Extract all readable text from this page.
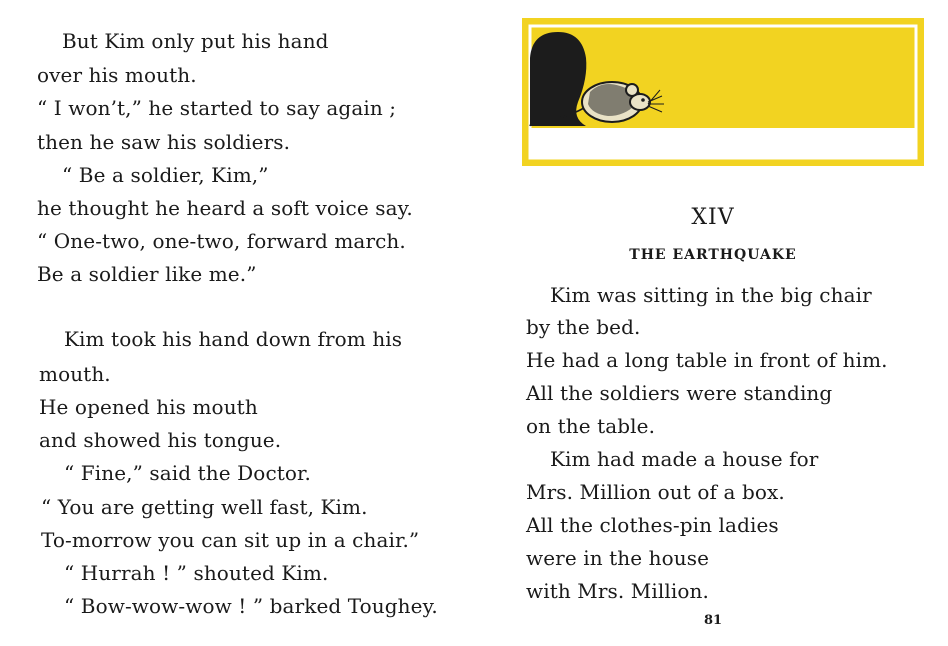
But Kim only put his hand
over his mouth.
“ I won’t,” he started to say again ;
then he saw his soldiers.
“ Be a soldier, Kim,”
he thought he heard a soft voice say.
“ One-two, one-two, forward march.
Be a soldier like me.”
Kim took his hand down from his
mouth.
He opened his mouth
and showed his tongue.
“ Fine,” said the Doctor.
“ You are getting well fast, Kim.
To-morrow you can sit up in a chair.”
“ Hurrah ! ” shouted Kim.
“ Bow-wow-wow ! ” barked Toughey.
XIV
THE EARTHQUAKE
Kim was sitting in the big chair
by the bed.
He had a long table in front of him.
All the soldiers were standing
on the table.
Kim had made a house for
Mrs. Million out of a box.
All the clothes-pin ladies
were in the house
with Mrs. Million.
81
